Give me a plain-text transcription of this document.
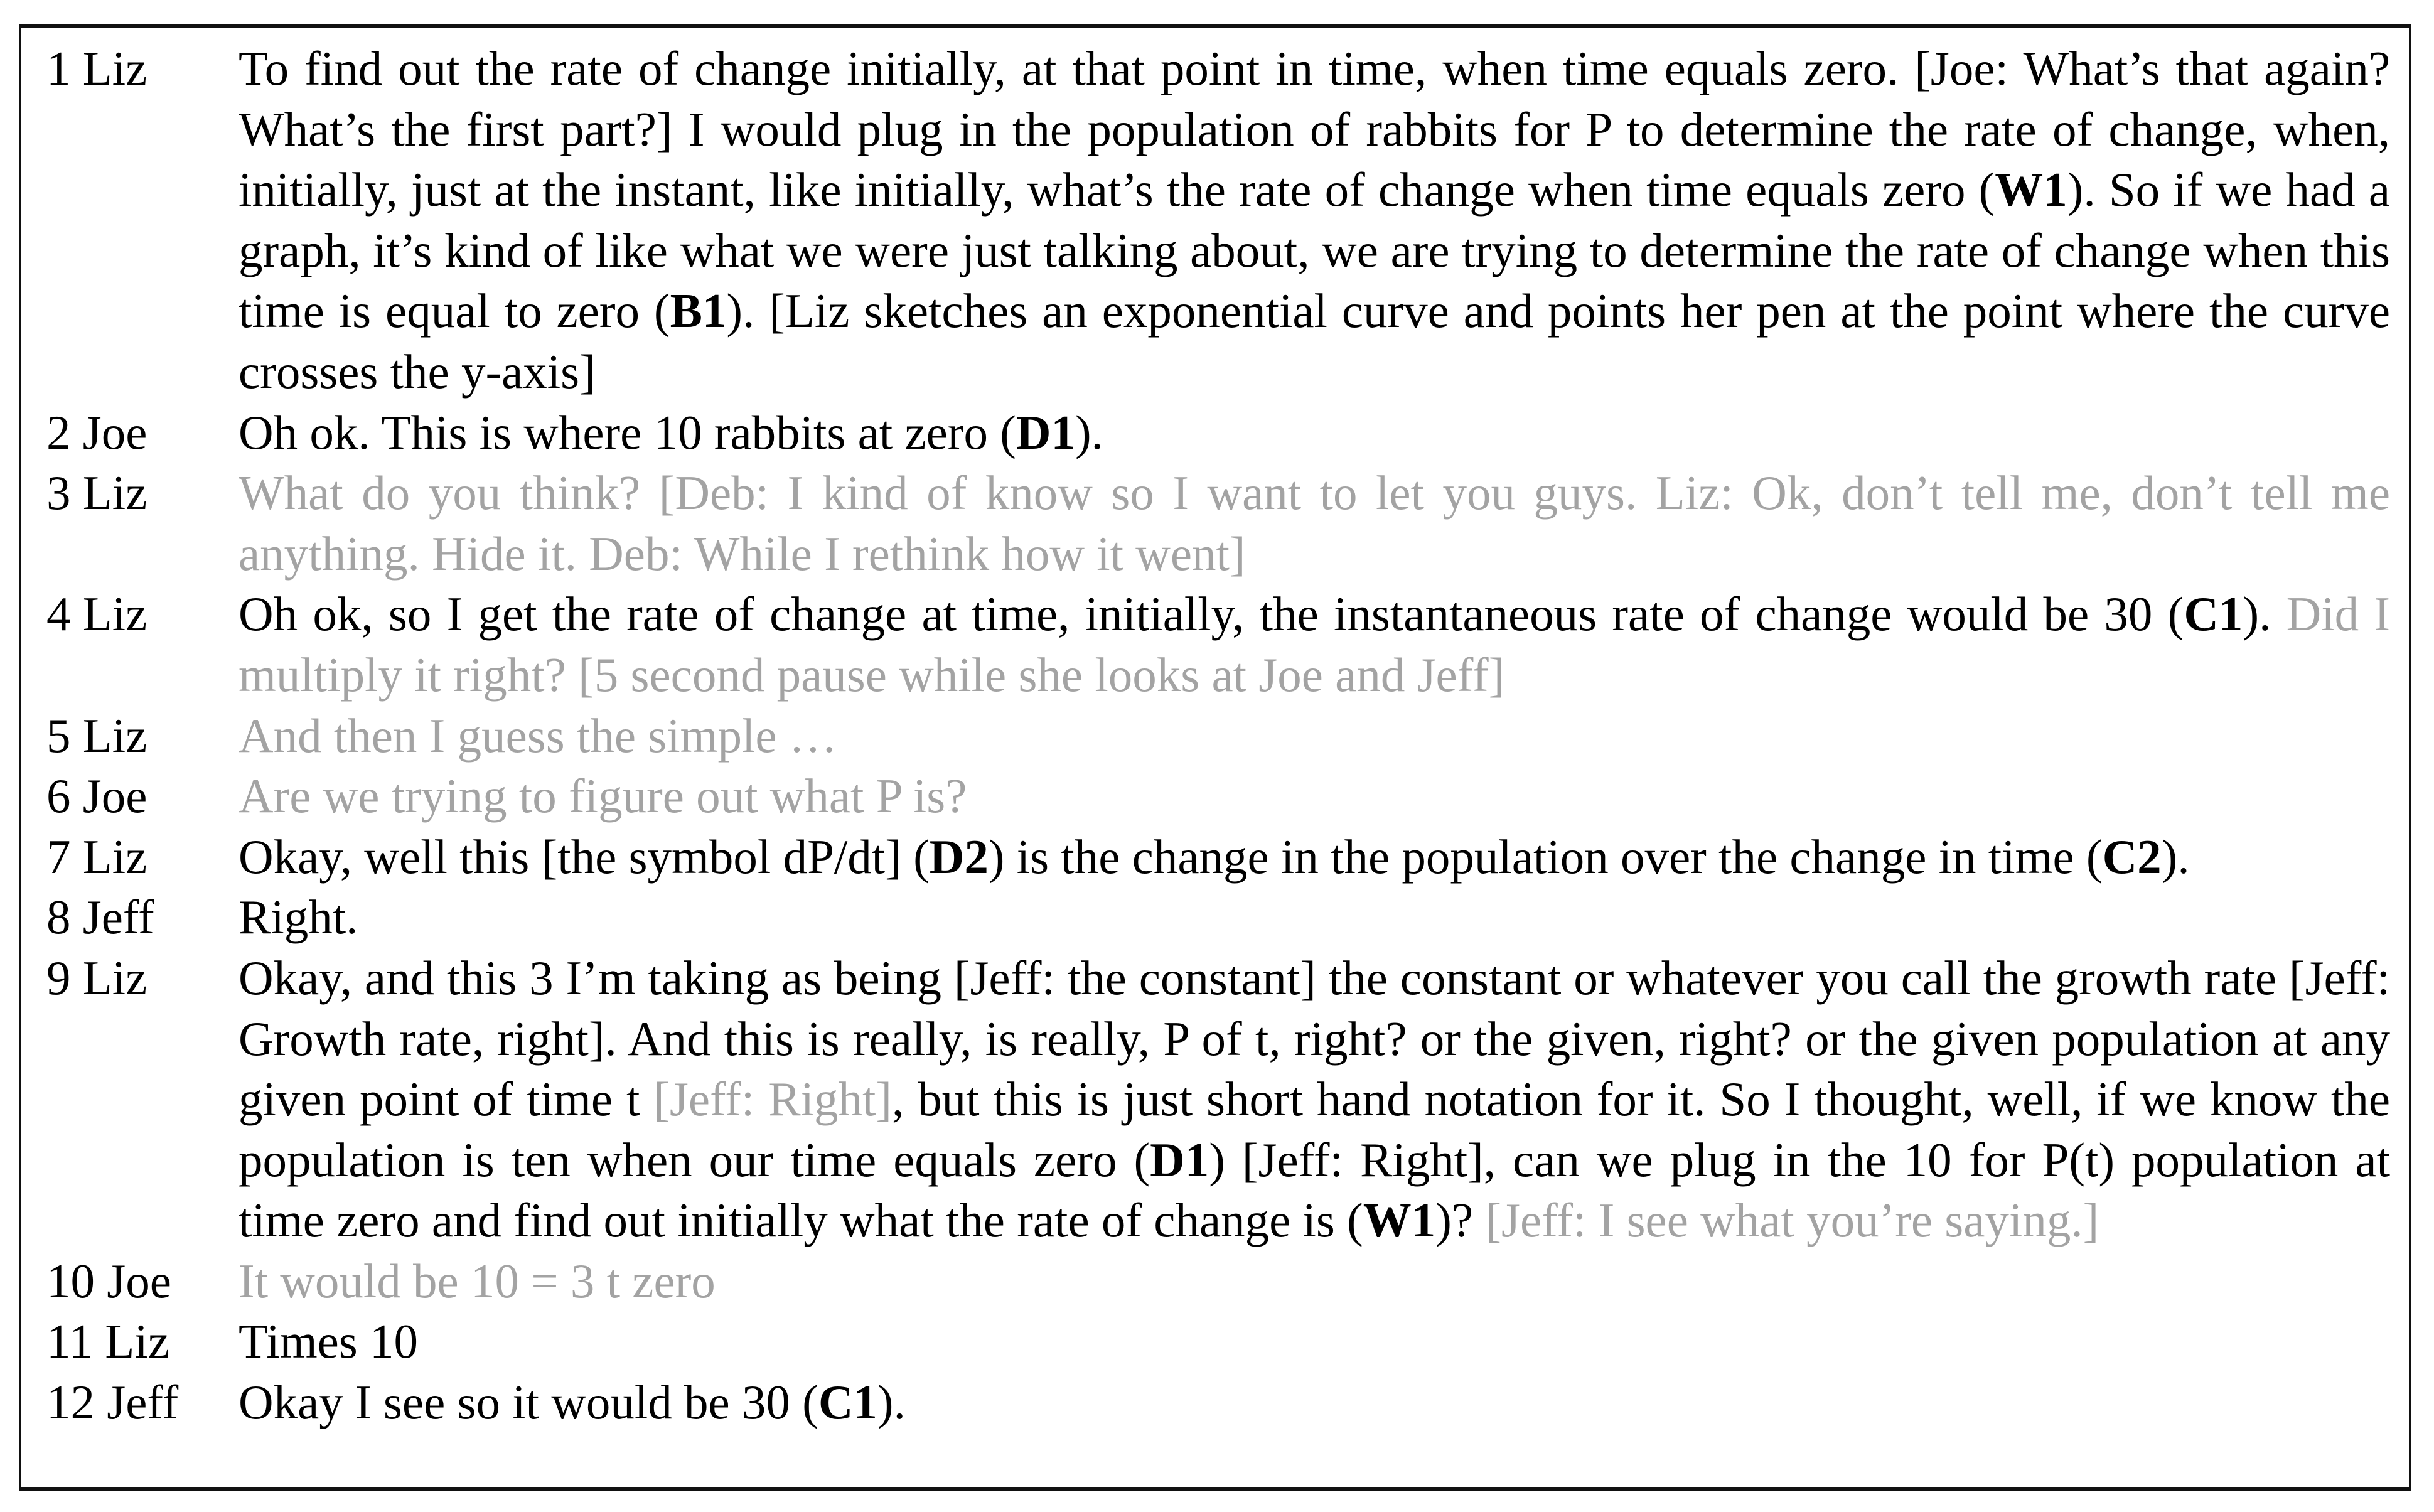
1 Liz	To find out the rate of change initially, at that point in time, when time equals zero. [Joe: What’s that again? What’s the first part?] I would plug in the population of rabbits for P to determine the rate of change, when, initially, just at the instant, like initially, what’s the rate of change when time equals zero (W1). So if we had a graph, it’s kind of like what we were just talking about, we are trying to determine the rate of change when this time is equal to zero (B1). [Liz sketches an exponential curve and points her pen at the point where the curve crosses the y-axis]
2 Joe	Oh ok. This is where 10 rabbits at zero (D1).
3 Liz	What do you think? [Deb: I kind of know so I want to let you guys. Liz: Ok, don’t tell me, don’t tell me anything. Hide it. Deb: While I rethink how it went]
4 Liz	Oh ok, so I get the rate of change at time, initially, the instantaneous rate of change would be 30 (C1). Did I multiply it right? [5 second pause while she looks at Joe and Jeff]
5 Liz	And then I guess the simple …
6 Joe	Are we trying to figure out what P is?
7 Liz	Okay, well this [the symbol dP/dt] (D2) is the change in the population over the change in time (C2).
8 Jeff	Right.
9 Liz	Okay, and this 3 I’m taking as being [Jeff: the constant] the constant or whatever you call the growth rate [Jeff: Growth rate, right]. And this is really, is really, P of t, right? or the given, right? or the given population at any given point of time t [Jeff: Right], but this is just short hand notation for it. So I thought, well, if we know the population is ten when our time equals zero (D1) [Jeff: Right], can we plug in the 10 for P(t) population at time zero and find out initially what the rate of change is (W1)? [Jeff: I see what you’re saying.]
10 Joe	It would be 10 = 3 t zero
11 Liz	Times 10
12 Jeff	Okay I see so it would be 30 (C1).
